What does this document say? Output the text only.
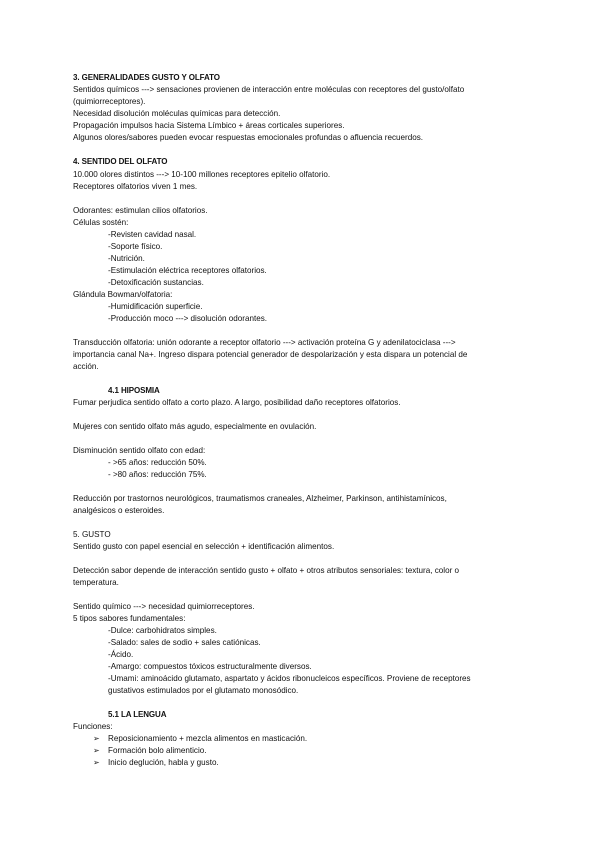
3. GENERALIDADES GUSTO Y OLFATO
Sentidos químicos ---> sensaciones provienen de interacción entre moléculas con receptores del gusto/olfato
(quimiorreceptores).
Necesidad disolución moléculas químicas para detección.
Propagación impulsos hacia Sistema Límbico + áreas corticales superiores.
Algunos olores/sabores pueden evocar respuestas emocionales profundas o afluencia recuerdos.
4. SENTIDO DEL OLFATO
10.000 olores distintos ---> 10-100 millones receptores epitelio olfatorio.
Receptores olfatorios viven 1 mes.
Odorantes: estimulan cilios olfatorios.
Células sostén:
-Revisten cavidad nasal.
-Soporte físico.
-Nutrición.
-Estimulación eléctrica receptores olfatorios.
-Detoxificación sustancias.
Glándula Bowman/olfatoria:
-Humidificación superficie.
-Producción moco ---> disolución odorantes.
Transducción olfatoria: unión odorante a receptor olfatorio ---> activación proteína G y adenilatociclasa --->
importancia canal Na+. Ingreso dispara potencial generador de despolarización y esta dispara un potencial de
acción.
4.1 HIPOSMIA
Fumar perjudica sentido olfato a corto plazo. A largo, posibilidad daño receptores olfatorios.
Mujeres con sentido olfato más agudo, especialmente en ovulación.
Disminución sentido olfato con edad:
- >65 años: reducción 50%.
- >80 años: reducción 75%.
Reducción por trastornos neurológicos, traumatismos craneales, Alzheimer, Parkinson, antihistamínicos,
analgésicos o esteroides.
5. GUSTO
Sentido gusto con papel esencial en selección + identificación alimentos.
Detección sabor depende de interacción sentido gusto + olfato + otros atributos sensoriales: textura, color o
temperatura.
Sentido químico ---> necesidad quimiorreceptores.
5 tipos sabores fundamentales:
-Dulce: carbohidratos simples.
-Salado: sales de sodio + sales catiónicas.
-Ácido.
-Amargo: compuestos tóxicos estructuralmente diversos.
-Umami: aminoácido glutamato, aspartato y ácidos ribonucleicos específicos. Proviene de receptores
gustativos estimulados por el glutamato monosódico.
5.1 LA LENGUA
Funciones:
➢ Reposicionamiento + mezcla alimentos en masticación.
➢ Formación bolo alimenticio.
➢ Inicio deglución, habla y gusto.
